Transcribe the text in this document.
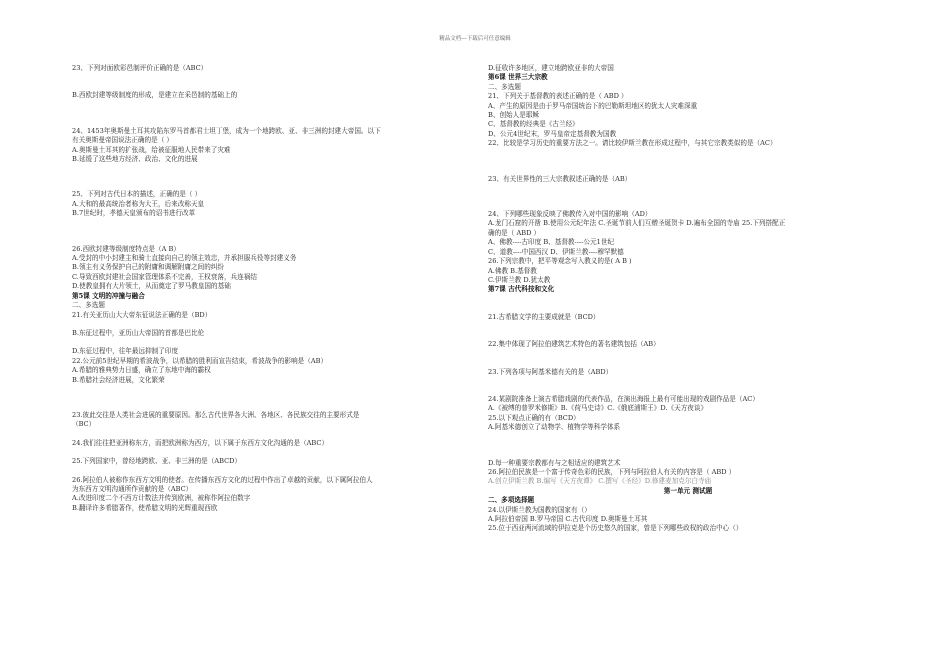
精品文档---下载后可任意编辑
23、下列对面欧彩邑制评价正确的是（ABC）
B.西欧封建等级制度的形成，是建立在采邑制的基础上的
24、1453年奥斯曼土耳其攻陷东罗马首都君士坦丁堡，成为一个地跨欧、亚、非三洲的封建大帝国。以下
有关奥斯曼帝国说法正确的是（ ）
A.奥斯曼土耳其的扩张战，给被征服地人民带来了灾难
B.延缓了这些地方经济、政治、文化的进展
25、下列对古代日本的描述，正确的是（ ）
A.大和的最高统治者称为大王，后来改称天皇
B.7世纪时，孝德天皇颁布的诏书进行改革
26.西欧封建等级制度特点是（A B）
A.受封的中小封建主和骑士直接向自己的领主效忠，并承担服兵役等封建义务
B.领主有义务保护自己的附庸和调解附庸之间的纠纷
C.导致西欧封建社会国家管理体系不完善，王权衰落，兵连祸结
D.使教皇拥有大片领土，从而奠定了罗马教皇国的基础
第5课 文明的冲撞与融合
二、多选题
21.有关亚历山大大帝东征说法正确的是（BD）
B.东征过程中，亚历山大帝国的首都是巴比伦
D.东征过程中，往年最远抑制了印度
22.公元前5世纪早期的希波战争，以希腊的胜利而宣告结束，希波战争的影响是（AB）
A.希腊的雅典势力日盛，确立了东地中海的霸权
B.希腊社会经济进展，文化繁荣
23.彼此交往是人类社会进展的重要原因。那么古代世界各大洲、各地区、各民族交往的主要形式是
（BC）
24.我们往往把亚洲称东方，而把欧洲称为西方，以下属于东西方文化沟通的是（ABC）
25.下列国家中，曾经地跨欧、亚、非三洲的是（ABCD）
26.阿拉伯人被称作东西方文明的使者。在传播东西方文化的过程中作出了卓越的贡献，以下属阿拉伯人
为东西方文明沟通所作贡献的是（ABC）
A.改进印度二个不西方计数法并传到欧洲，被称作阿拉伯数字
B.翻译许多希腊著作，使希腊文明的光辉重现西欧
D.征收许多地区，建立地跨欧亚非的大帝国
第6课 世界三大宗教
二、多选题
21、下列关于基督教的表述正确的是（ ABD ）
A、产生的原因是由于罗马帝国统治下的巴勒斯坦地区的犹太人灾难深重
B、创始人是耶稣
C、基督教的经典是《古兰经》
D、公元4世纪末，罗马皇帝定基督教为国教
22、比较是学习历史的重要方法之一。请比较伊斯兰教在形成过程中，与其它宗教类似的是（AC）
23、有关世界性的三大宗教叙述正确的是（AB）
24、下列哪些现象反映了佛教传入对中国的影响（AD）
A.龙门石窟的开凿 B.使用公元纪年法 C.圣诞节前人们互赠圣诞贺卡 D.遍布全国的寺庙 25.下列搭配正
确的是（ ABD ）
A、佛教----古印度 B、基督教----公元1世纪
C、道教----中国西汉 D、伊斯兰教----穆罕默德
26.下列宗教中，把平等观念写入教义的是( A B )
A.佛教 B.基督教
C.伊斯兰教 D.犹太教
第7课 古代科技和文化
21.古希腊文学的主要成就是（BCD）
22.集中体现了阿拉伯建筑艺术特色的著名建筑包括（AB）
23.下列各项与阿基米德有关的是（ABD）
24.某剧院准备上演古希腊戏剧的代表作品，在演出海报上最有可能出现的戏剧作品是（AC）
A.《被缚的普罗米修斯》B.《荷马史诗》C.《俄底浦斯王》D.《天方夜谈》
25.以下观点正确的有（BCD）
A.阿基米德创立了动物学、植物学等科学体系
D.每一种重要宗教都有与之相适应的建筑艺术
26.阿拉伯民族是一个富于传奇色彩的民族，下列与阿拉伯人有关的内容是（ ABD ）
A.创立伊斯兰教 B.编写《天方夜谭》 C.撰写《圣经》D.修建麦加克尔白寺庙
第一单元 测试题
二、多项选择题
24.以伊斯兰教为国教的国家有（）
A.阿拉伯帝国 B.罗马帝国 C.古代印度 D.奥斯曼土耳其
25.位于西亚两河流域的伊拉克是个历史悠久的国家，曾是下列哪些政权的政治中心（）
